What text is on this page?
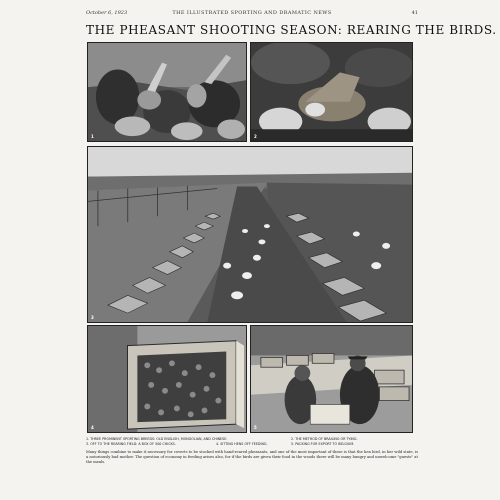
October 6, 1923	THE ILLUSTRATED SPORTING AND DRAMATIC NEWS	41
THE PHEASANT SHOOTING SEASON: REARING THE BIRDS.
1	2
3
4	5
1. THREE PROMINENT SPORTING BREEDS: OLD ENGLISH, MONGOLIAN, AND CHINESE.	2. THE METHOD OF BRAILING OR TYING.
3. OFF TO THE REARING FIELD: A BOX OF 500 CHICKS.	4. SITTING HENS OFF FEEDING.	5. PACKING FOR EXPORT TO BELGIUM.
Many things combine to make it necessary for coverts to be stocked with hand-reared pheasants, and one of the most important of these is that the hen bird, in her wild state, is a notoriously bad mother. The question of economy in feeding arises also, for if the birds are given their food in the woods there will be many hungry and unwelcome "guests" at the meals.
